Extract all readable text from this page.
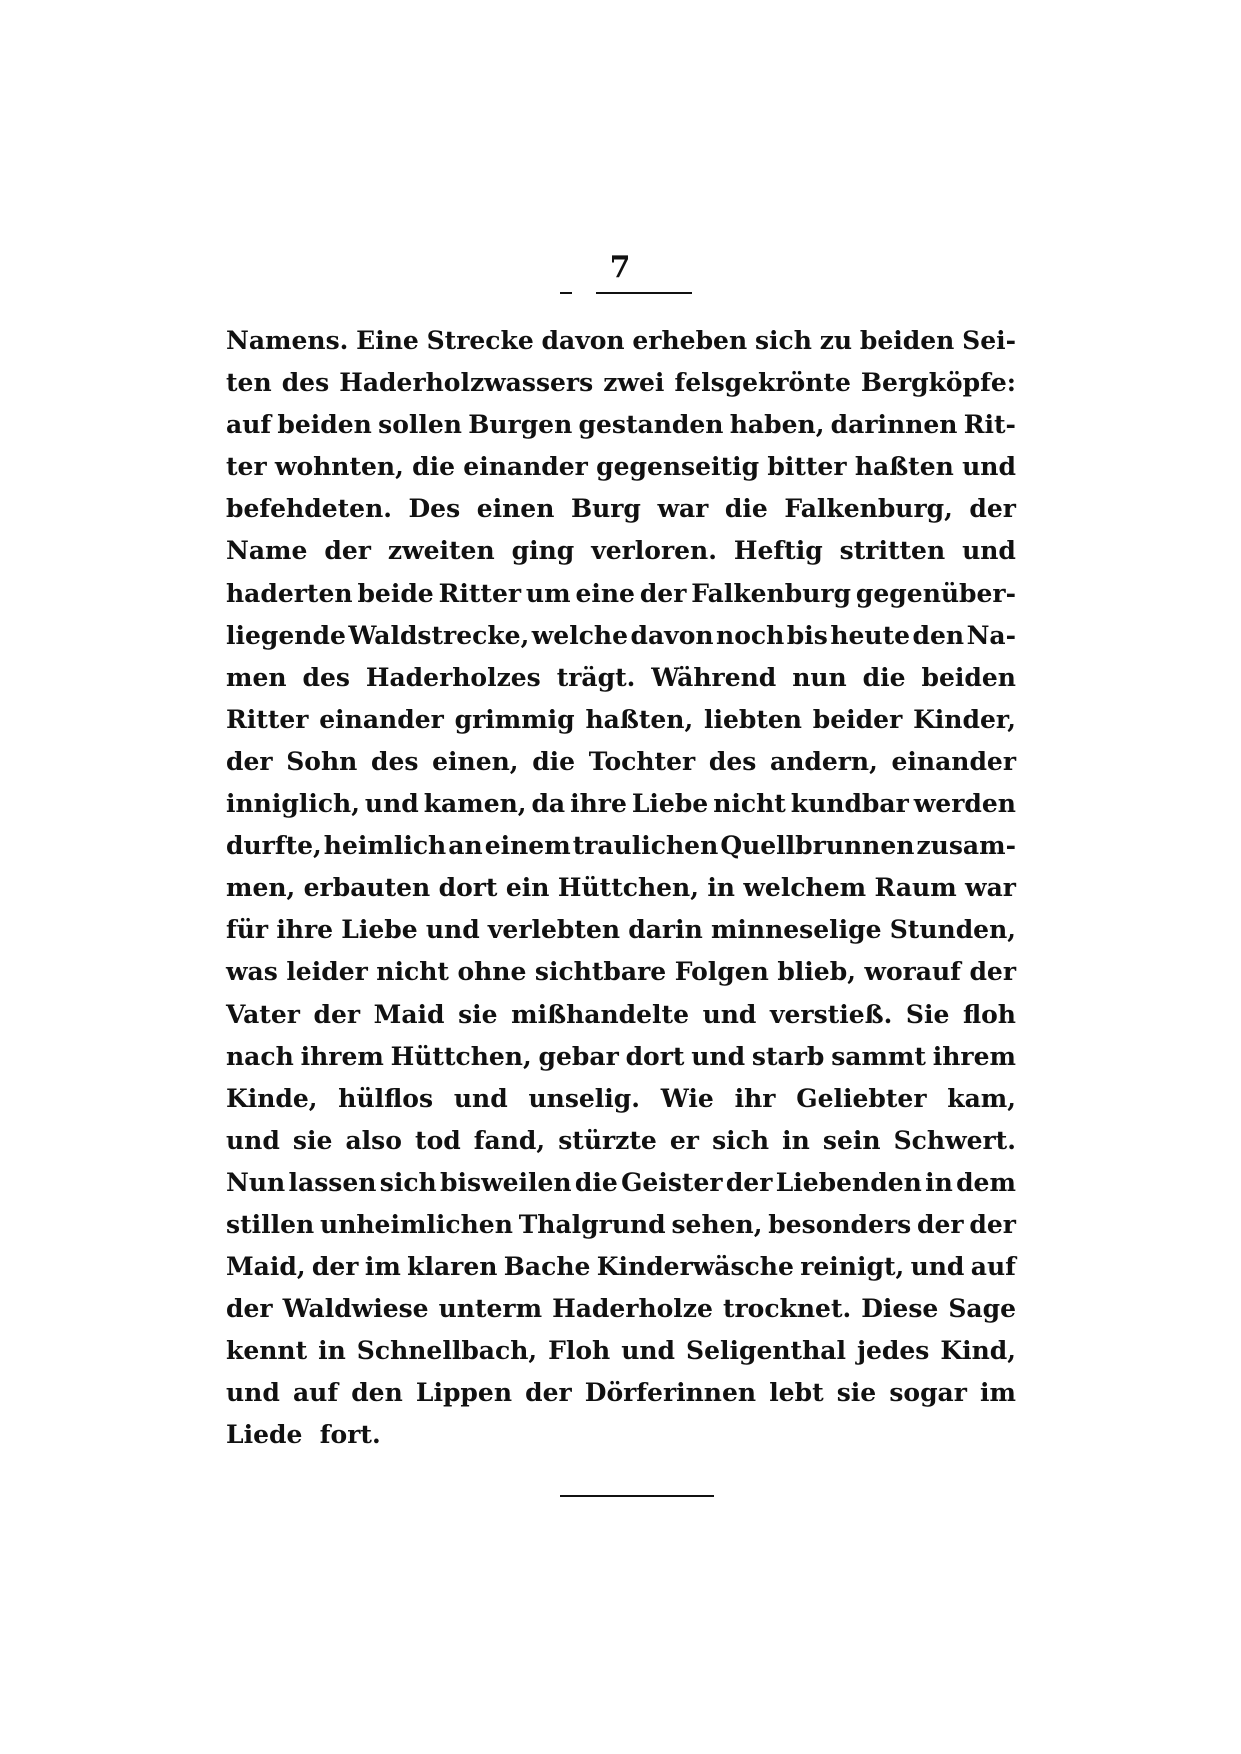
7
Namens. Eine Strecke davon erheben sich zu beiden Sei-
ten des Haderholzwassers zwei felsgekrönte Bergköpfe:
auf beiden sollen Burgen gestanden haben, darinnen Rit-
ter wohnten, die einander gegenseitig bitter haßten und
befehdeten. Des einen Burg war die Falkenburg, der
Name der zweiten ging verloren. Heftig stritten und
haderten beide Ritter um eine der Falkenburg gegenüber-
liegende Waldstrecke, welche davon noch bis heute den Na-
men des Haderholzes trägt. Während nun die beiden
Ritter einander grimmig haßten, liebten beider Kinder,
der Sohn des einen, die Tochter des andern, einander
inniglich, und kamen, da ihre Liebe nicht kundbar werden
durfte, heimlich an einem traulichen Quellbrunnen zusam-
men, erbauten dort ein Hüttchen, in welchem Raum war
für ihre Liebe und verlebten darin minneselige Stunden,
was leider nicht ohne sichtbare Folgen blieb, worauf der
Vater der Maid sie mißhandelte und verstieß. Sie floh
nach ihrem Hüttchen, gebar dort und starb sammt ihrem
Kinde, hülflos und unselig. Wie ihr Geliebter kam,
und sie also tod fand, stürzte er sich in sein Schwert.
Nun lassen sich bisweilen die Geister der Liebenden in dem
stillen unheimlichen Thalgrund sehen, besonders der der
Maid, der im klaren Bache Kinderwäsche reinigt, und auf
der Waldwiese unterm Haderholze trocknet. Diese Sage
kennt in Schnellbach, Floh und Seligenthal jedes Kind,
und auf den Lippen der Dörferinnen lebt sie sogar im
Liede
fort.
